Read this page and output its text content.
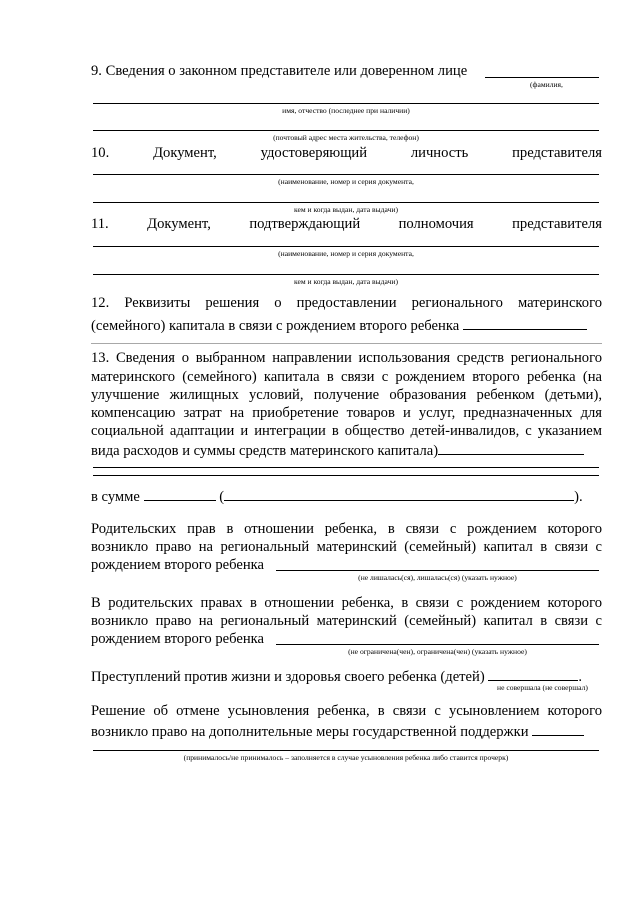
9. Сведения о законном представителе или доверенном лице
(фамилия,
имя, отчество (последнее при наличии)
(почтовый адрес места жительства, телефон)
10.	Документ,	удостоверяющий	личность	представителя
(наименование, номер и серия документа,
кем и когда выдан, дата выдачи)
11.	Документ,	подтверждающий	полномочия	представителя
(наименование, номер и серия документа,
кем и когда выдан, дата выдачи)
12. Реквизиты решения о предоставлении регионального материнского
(семейного) капитала в связи с рождением второго ребенка
13. Сведения о выбранном направлении использования средств регионального
материнского (семейного) капитала в связи с рождением второго ребенка (на
улучшение жилищных условий, получение образования ребенком (детьми),
компенсацию затрат на приобретение товаров и услуг, предназначенных для
социальной адаптации и интеграции в общество детей-инвалидов, с указанием
вида расходов и суммы средств материнского капитала)
в сумме	(	).
Родительских прав в отношении ребенка, в связи с рождением которого
возникло право на региональный материнский (семейный) капитал в связи с
рождением второго ребенка
(не лишалась(ся), лишалась(ся) (указать нужное)
В родительских правах в отношении ребенка, в связи с рождением которого
возникло право на региональный материнский (семейный) капитал в связи с
рождением второго ребенка
(не ограничена(чен), ограничена(чен) (указать нужное)
Преступлений против жизни и здоровья своего ребенка (детей)	.
не совершала (не совершал)
Решение об отмене усыновления ребенка, в связи с усыновлением которого
возникло право на дополнительные меры государственной поддержки
(принималось/не принималось – заполняется в случае усыновления ребенка либо ставится прочерк)
